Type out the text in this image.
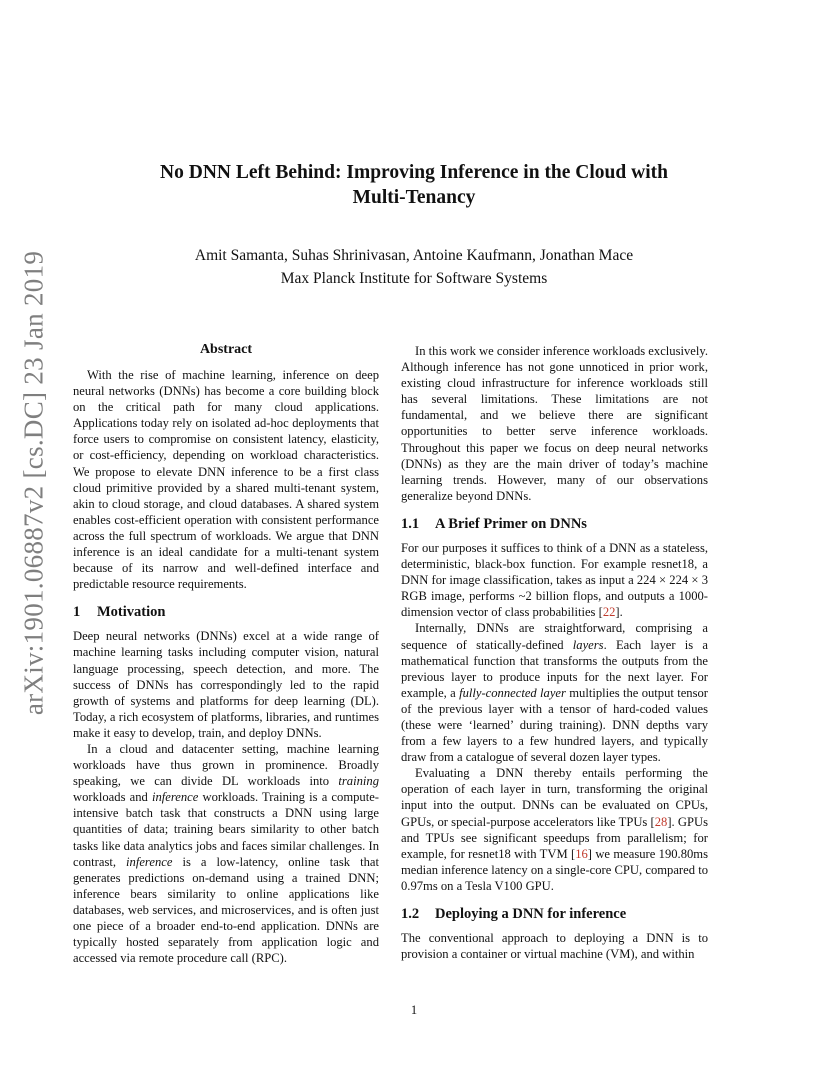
arXiv:1901.06887v2 [cs.DC] 23 Jan 2019
No DNN Left Behind: Improving Inference in the Cloud with
Multi-Tenancy
Amit Samanta, Suhas Shrinivasan, Antoine Kaufmann, Jonathan Mace
Max Planck Institute for Software Systems
Abstract

With the rise of machine learning, inference on deep neural networks (DNNs) has become a core building block on the critical path for many cloud applications. Applications today rely on isolated ad-hoc deployments that force users to compromise on consistent latency, elasticity, or cost-efficiency, depending on workload characteristics. We propose to elevate DNN inference to be a first class cloud primitive provided by a shared multi-tenant system, akin to cloud storage, and cloud databases. A shared system enables cost-efficient operation with consistent performance across the full spectrum of workloads. We argue that DNN inference is an ideal candidate for a multi-tenant system because of its narrow and well-defined interface and predictable resource requirements.

1 Motivation

Deep neural networks (DNNs) excel at a wide range of machine learning tasks including computer vision, natural language processing, speech detection, and more. The success of DNNs has correspondingly led to the rapid growth of systems and platforms for deep learning (DL). Today, a rich ecosystem of platforms, libraries, and runtimes make it easy to develop, train, and deploy DNNs.

In a cloud and datacenter setting, machine learning workloads have thus grown in prominence. Broadly speaking, we can divide DL workloads into training workloads and inference workloads. Training is a compute-intensive batch task that constructs a DNN using large quantities of data; training bears similarity to other batch tasks like data analytics jobs and faces similar challenges. In contrast, inference is a low-latency, online task that generates predictions on-demand using a trained DNN; inference bears similarity to online applications like databases, web services, and microservices, and is often just one piece of a broader end-to-end application. DNNs are typically hosted separately from application logic and accessed via remote procedure call (RPC).

In this work we consider inference workloads exclusively. Although inference has not gone unnoticed in prior work, existing cloud infrastructure for inference workloads still has several limitations. These limitations are not fundamental, and we believe there are significant opportunities to better serve inference workloads. Throughout this paper we focus on deep neural networks (DNNs) as they are the main driver of today’s machine learning trends. However, many of our observations generalize beyond DNNs.

1.1 A Brief Primer on DNNs

For our purposes it suffices to think of a DNN as a stateless, deterministic, black-box function. For example resnet18, a DNN for image classification, takes as input a 224 × 224 × 3 RGB image, performs ~2 billion flops, and outputs a 1000-dimension vector of class probabilities [22].

Internally, DNNs are straightforward, comprising a sequence of statically-defined layers. Each layer is a mathematical function that transforms the outputs from the previous layer to produce inputs for the next layer. For example, a fully-connected layer multiplies the output tensor of the previous layer with a tensor of hard-coded values (these were ‘learned’ during training). DNN depths vary from a few layers to a few hundred layers, and typically draw from a catalogue of several dozen layer types.

Evaluating a DNN thereby entails performing the operation of each layer in turn, transforming the original input into the output. DNNs can be evaluated on CPUs, GPUs, or special-purpose accelerators like TPUs [28]. GPUs and TPUs see significant speedups from parallelism; for example, for resnet18 with TVM [16] we measure 190.80ms median inference latency on a single-core CPU, compared to 0.97ms on a Tesla V100 GPU.

1.2 Deploying a DNN for inference

The conventional approach to deploying a DNN is to provision a container or virtual machine (VM), and within

1
